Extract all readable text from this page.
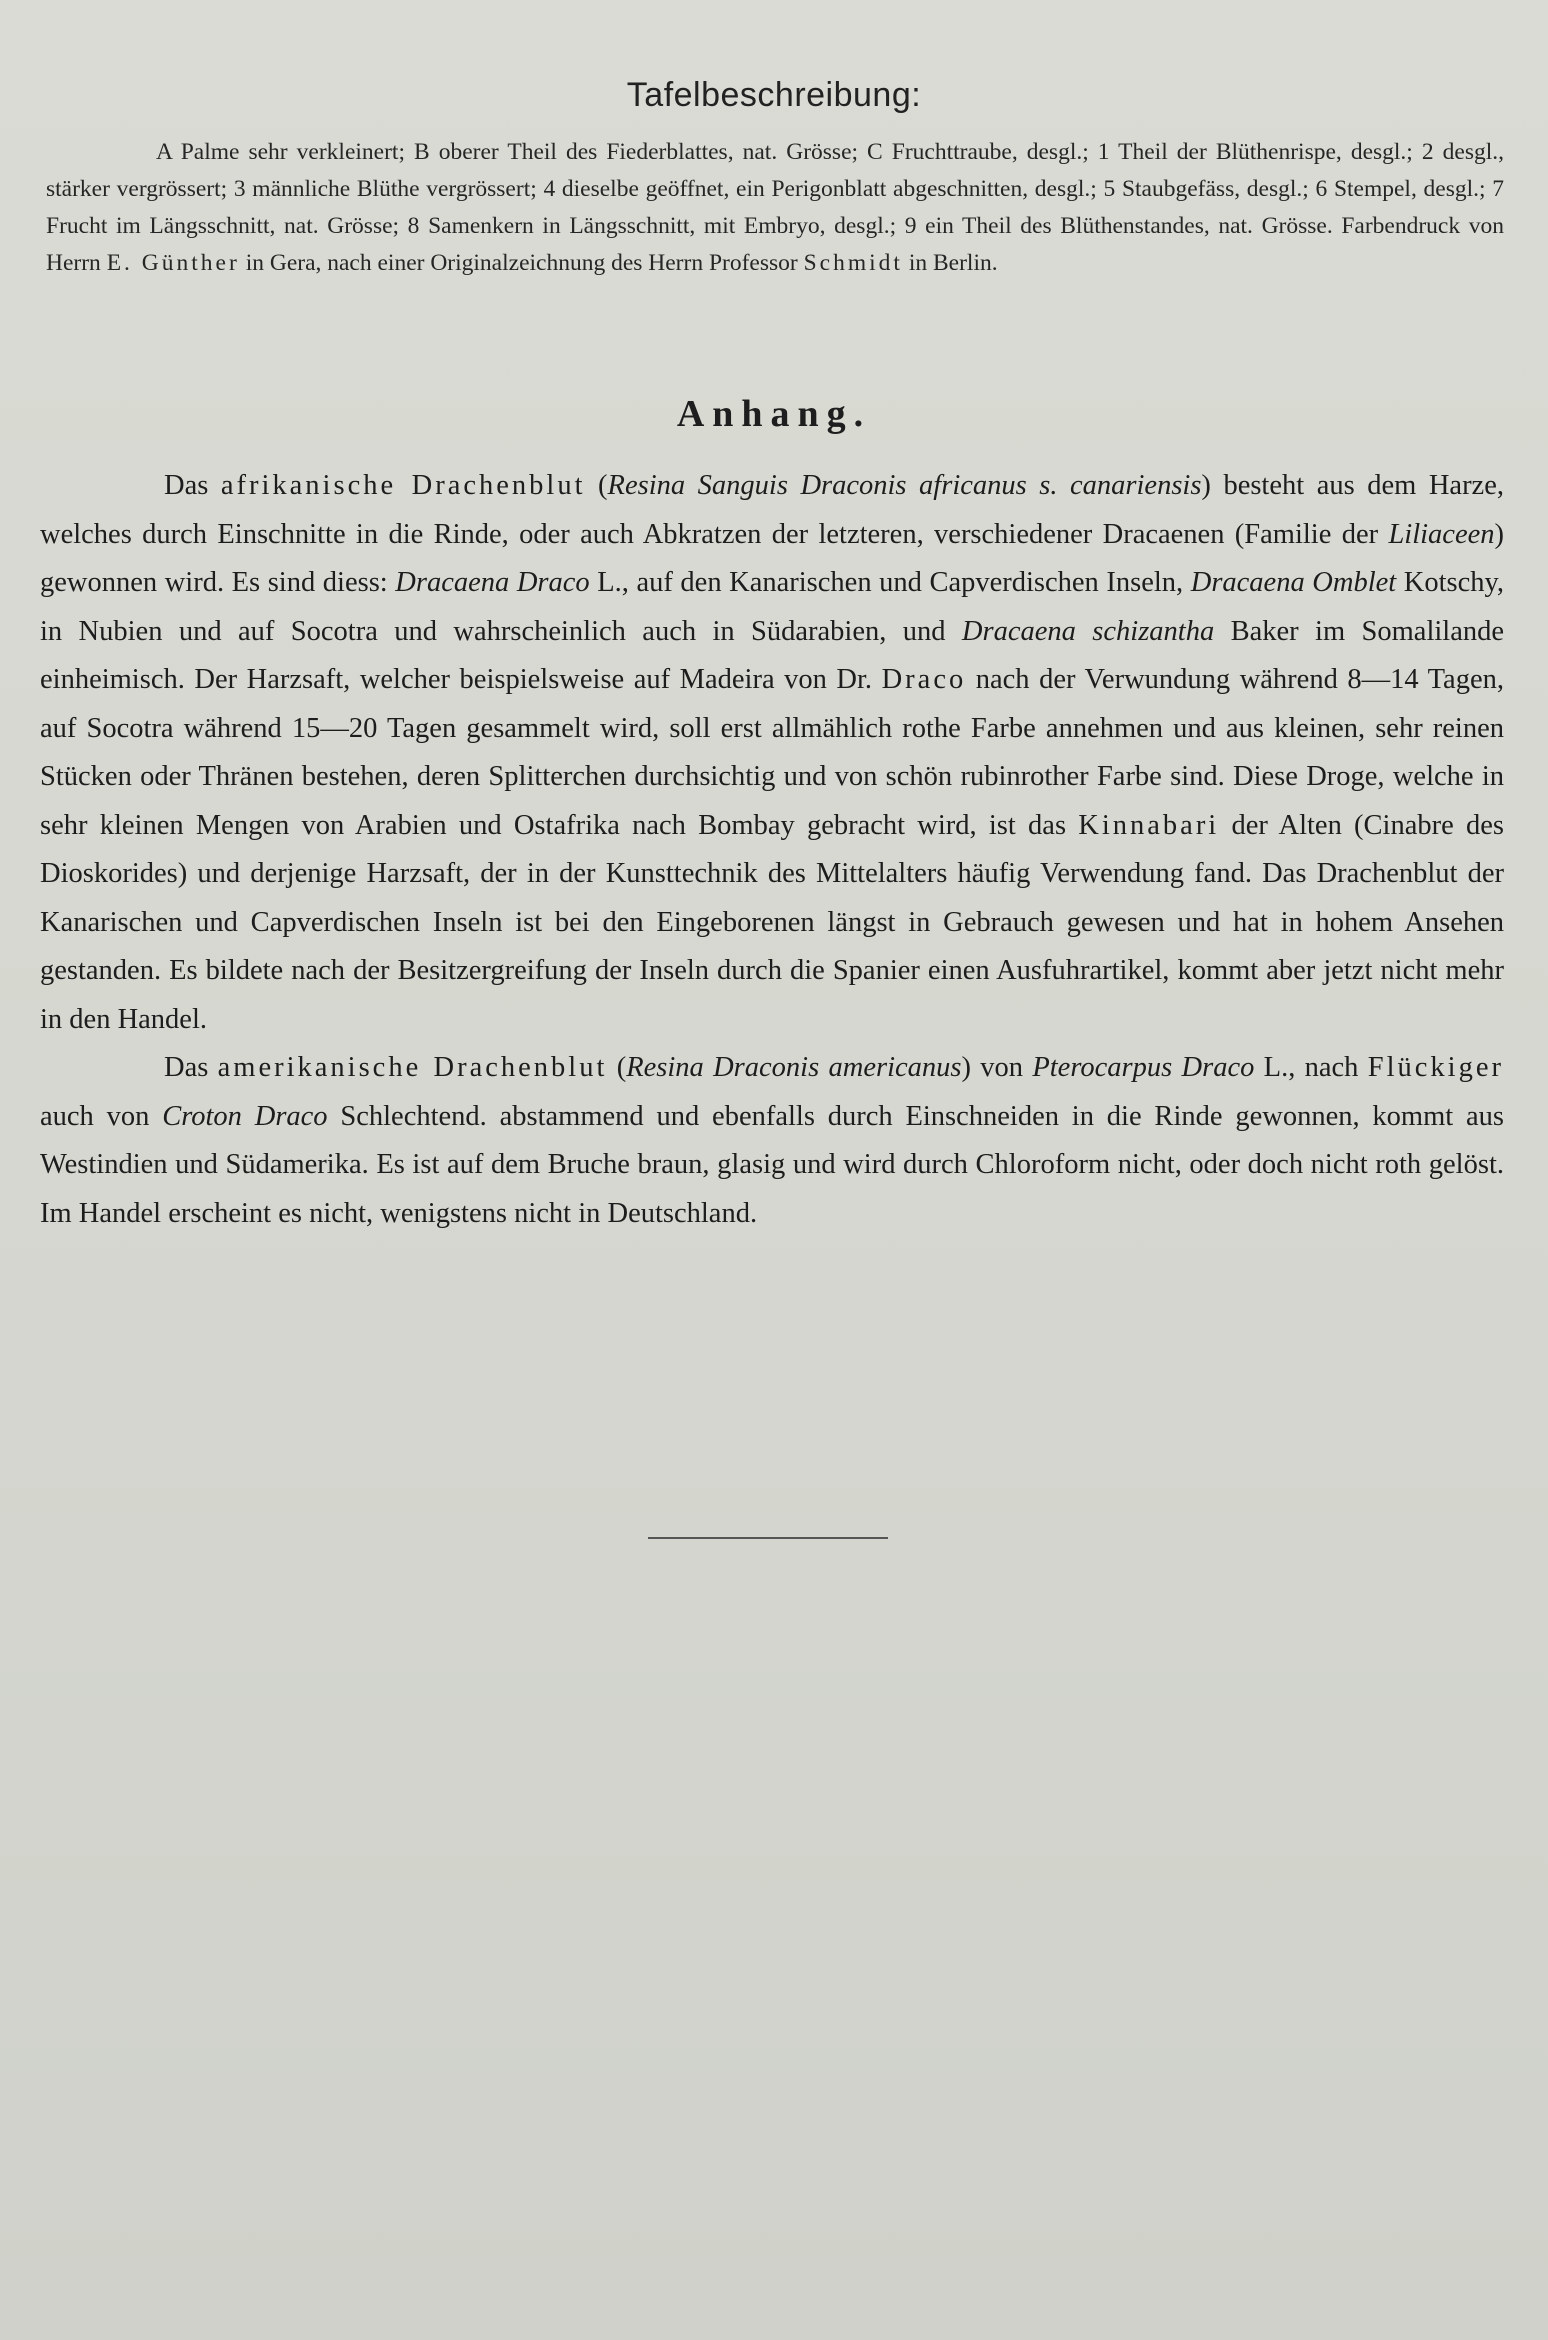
Tafelbeschreibung:
A Palme sehr verkleinert; B oberer Theil des Fiederblattes, nat. Grösse; C Fruchttraube, desgl.; 1 Theil der Blüthenrispe, desgl.; 2 desgl., stärker vergrössert; 3 männliche Blüthe vergrössert; 4 dieselbe geöffnet, ein Perigonblatt abgeschnitten, desgl.; 5 Staubgefäss, desgl.; 6 Stempel, desgl.; 7 Frucht im Längsschnitt, nat. Grösse; 8 Samenkern in Längsschnitt, mit Embryo, desgl.; 9 ein Theil des Blüthenstandes, nat. Grösse. Farbendruck von Herrn E. Günther in Gera, nach einer Originalzeichnung des Herrn Professor Schmidt in Berlin.
Anhang.

Das afrikanische Drachenblut (Resina Sanguis Draconis africanus s. canariensis) besteht aus dem Harze, welches durch Einschnitte in die Rinde, oder auch Abkratzen der letzteren, verschiedener Dracaenen (Familie der Liliaceen) gewonnen wird. Es sind diess: Dracaena Draco L., auf den Kanarischen und Capverdischen Inseln, Dracaena Omblet Kotschy, in Nubien und auf Socotra und wahrscheinlich auch in Südarabien, und Dracaena schizantha Baker im Somalilande einheimisch. Der Harzsaft, welcher beispielsweise auf Madeira von Dr. Draco nach der Verwundung während 8—14 Tagen, auf Socotra während 15—20 Tagen gesammelt wird, soll erst allmählich rothe Farbe annehmen und aus kleinen, sehr reinen Stücken oder Thränen bestehen, deren Splitterchen durchsichtig und von schön rubinrother Farbe sind. Diese Droge, welche in sehr kleinen Mengen von Arabien und Ostafrika nach Bombay gebracht wird, ist das Kinnabari der Alten (Cinabre des Dioskorides) und derjenige Harzsaft, der in der Kunsttechnik des Mittelalters häufig Verwendung fand. Das Drachenblut der Kanarischen und Capverdischen Inseln ist bei den Eingeborenen längst in Gebrauch gewesen und hat in hohem Ansehen gestanden. Es bildete nach der Besitzergreifung der Inseln durch die Spanier einen Ausfuhrartikel, kommt aber jetzt nicht mehr in den Handel.

Das amerikanische Drachenblut (Resina Draconis americanus) von Pterocarpus Draco L., nach Flückiger auch von Croton Draco Schlechtend. abstammend und ebenfalls durch Einschneiden in die Rinde gewonnen, kommt aus Westindien und Südamerika. Es ist auf dem Bruche braun, glasig und wird durch Chloroform nicht, oder doch nicht roth gelöst. Im Handel erscheint es nicht, wenigstens nicht in Deutschland.
